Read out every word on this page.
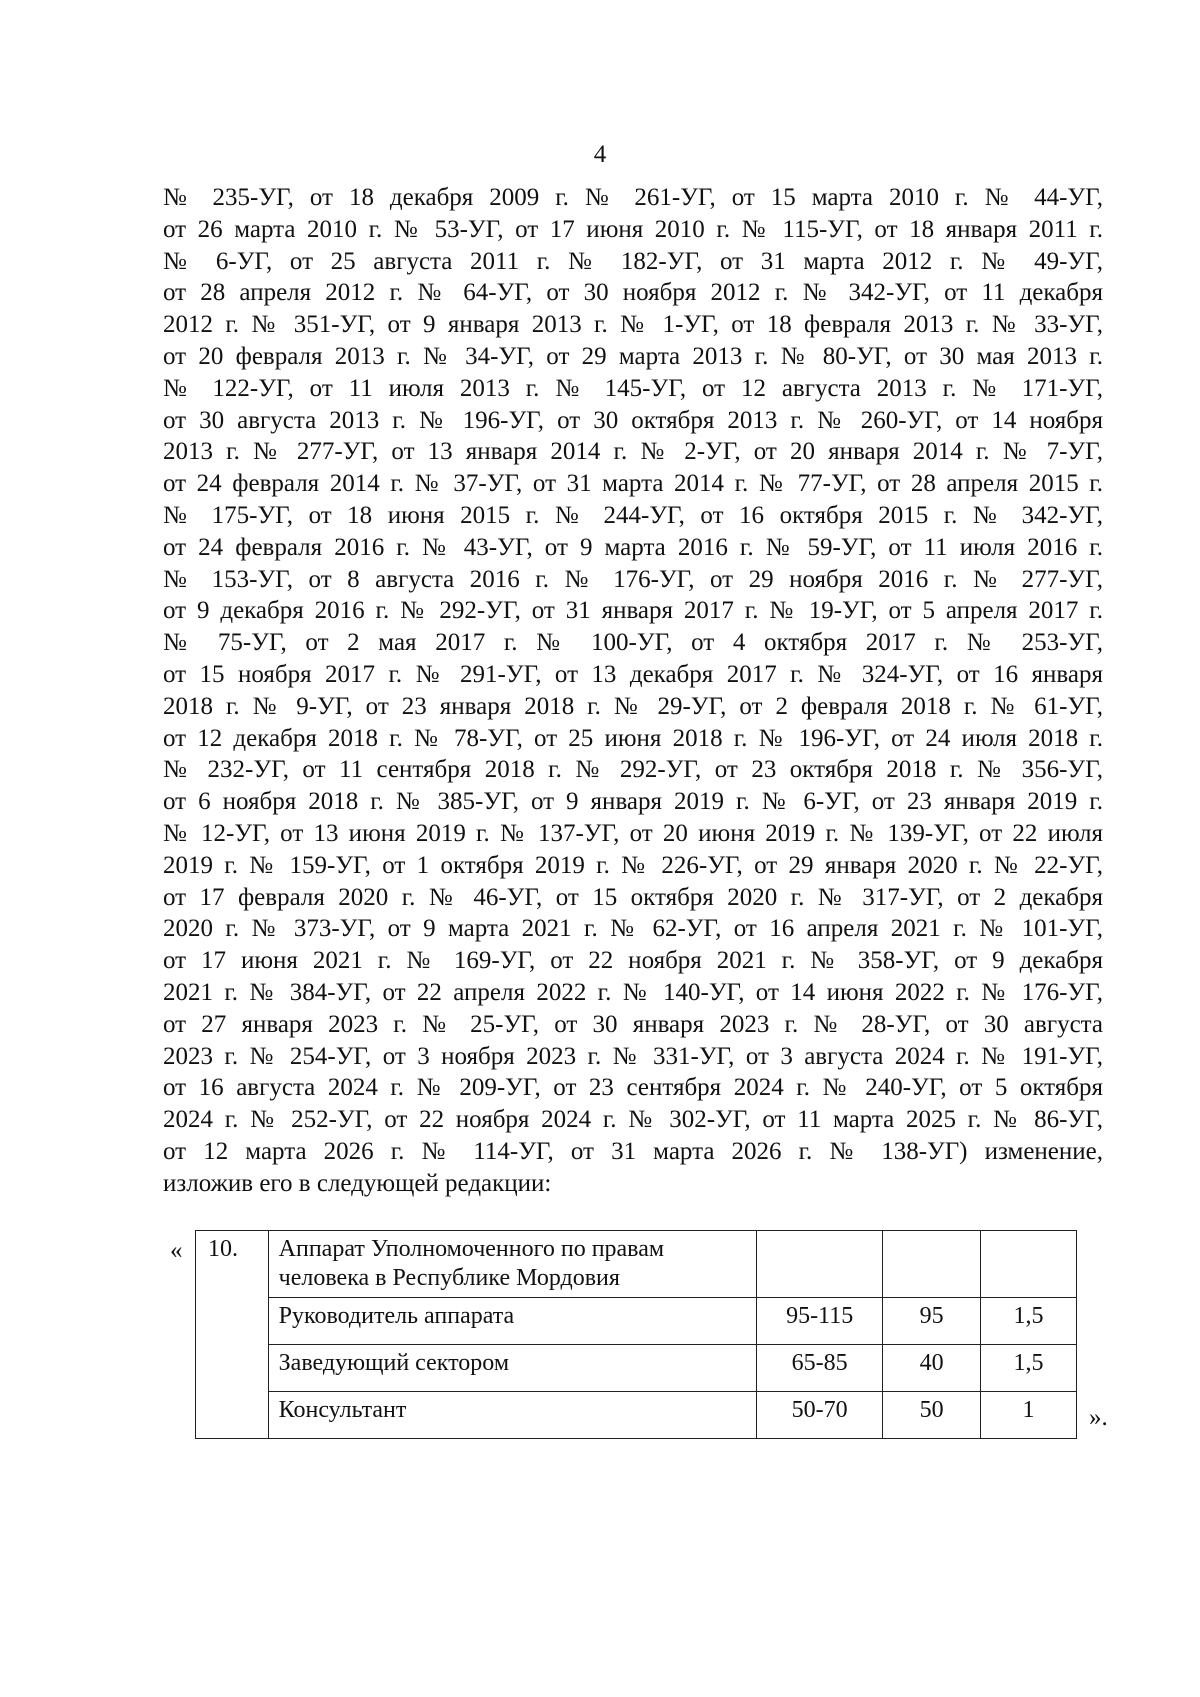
4
№ 235-УГ, от 18 декабря 2009 г. № 261-УГ, от 15 марта 2010 г. № 44-УГ,
от 26 марта 2010 г. № 53-УГ, от 17 июня 2010 г. № 115-УГ, от 18 января 2011 г.
№ 6-УГ, от 25 августа 2011 г. № 182-УГ, от 31 марта 2012 г. № 49-УГ,
от 28 апреля 2012 г. № 64-УГ, от 30 ноября 2012 г. № 342-УГ, от 11 декабря
2012 г. № 351-УГ, от 9 января 2013 г. № 1-УГ, от 18 февраля 2013 г. № 33-УГ,
от 20 февраля 2013 г. № 34-УГ, от 29 марта 2013 г. № 80-УГ, от 30 мая 2013 г.
№ 122-УГ, от 11 июля 2013 г. № 145-УГ, от 12 августа 2013 г. № 171-УГ,
от 30 августа 2013 г. № 196-УГ, от 30 октября 2013 г. № 260-УГ, от 14 ноября
2013 г. № 277-УГ, от 13 января 2014 г. № 2-УГ, от 20 января 2014 г. № 7-УГ,
от 24 февраля 2014 г. № 37-УГ, от 31 марта 2014 г. № 77-УГ, от 28 апреля 2015 г.
№ 175-УГ, от 18 июня 2015 г. № 244-УГ, от 16 октября 2015 г. № 342-УГ,
от 24 февраля 2016 г. № 43-УГ, от 9 марта 2016 г. № 59-УГ, от 11 июля 2016 г.
№ 153-УГ, от 8 августа 2016 г. № 176-УГ, от 29 ноября 2016 г. № 277-УГ,
от 9 декабря 2016 г. № 292-УГ, от 31 января 2017 г. № 19-УГ, от 5 апреля 2017 г.
№ 75-УГ, от 2 мая 2017 г. № 100-УГ, от 4 октября 2017 г. № 253-УГ,
от 15 ноября 2017 г. № 291-УГ, от 13 декабря 2017 г. № 324-УГ, от 16 января
2018 г. № 9-УГ, от 23 января 2018 г. № 29-УГ, от 2 февраля 2018 г. № 61-УГ,
от 12 декабря 2018 г. № 78-УГ, от 25 июня 2018 г. № 196-УГ, от 24 июля 2018 г.
№ 232-УГ, от 11 сентября 2018 г. № 292-УГ, от 23 октября 2018 г. № 356-УГ,
от 6 ноября 2018 г. № 385-УГ, от 9 января 2019 г. № 6-УГ, от 23 января 2019 г.
№ 12-УГ, от 13 июня 2019 г. № 137-УГ, от 20 июня 2019 г. № 139-УГ, от 22 июля
2019 г. № 159-УГ, от 1 октября 2019 г. № 226-УГ, от 29 января 2020 г. № 22-УГ,
от 17 февраля 2020 г. № 46-УГ, от 15 октября 2020 г. № 317-УГ, от 2 декабря
2020 г. № 373-УГ, от 9 марта 2021 г. № 62-УГ, от 16 апреля 2021 г. № 101-УГ,
от 17 июня 2021 г. № 169-УГ, от 22 ноября 2021 г. № 358-УГ, от 9 декабря
2021 г. № 384-УГ, от 22 апреля 2022 г. № 140-УГ, от 14 июня 2022 г. № 176-УГ,
от 27 января 2023 г. № 25-УГ, от 30 января 2023 г. № 28-УГ, от 30 августа
2023 г. № 254-УГ, от 3 ноября 2023 г. № 331-УГ, от 3 августа 2024 г. № 191-УГ,
от 16 августа 2024 г. № 209-УГ, от 23 сентября 2024 г. № 240-УГ, от 5 октября
2024 г. № 252-УГ, от 22 ноября 2024 г. № 302-УГ, от 11 марта 2025 г. № 86-УГ,
от 12 марта 2026 г. № 114-УГ, от 31 марта 2026 г. № 138-УГ) изменение,
изложив его в следующей редакции:
« 10.	Аппарат Уполномоченного по правам человека в Республике Мордовия			
	Руководитель аппарата	95-115	95	1,5
	Заведующий сектором	65-85	40	1,5
	Консультант	50-70	50	1 ».
